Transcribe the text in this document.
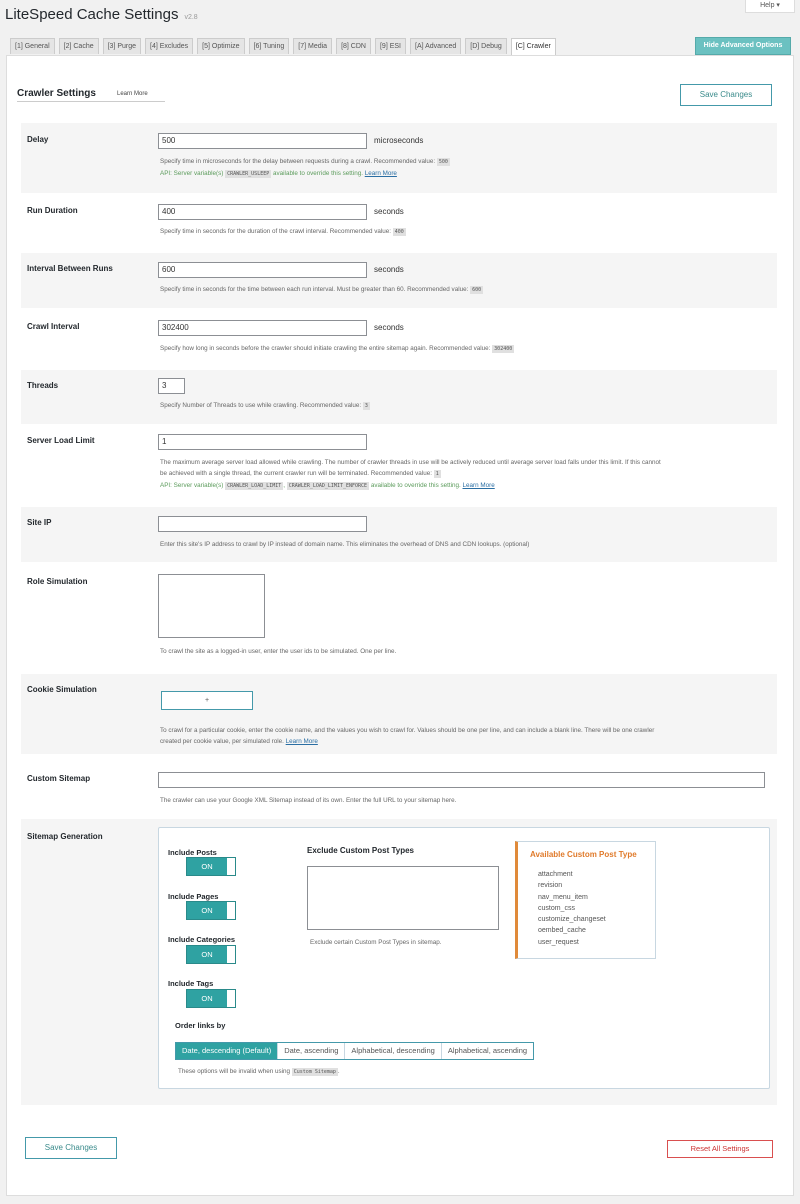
LiteSpeed Cache Settings v2.8
Help ▾
[1] General	[2] Cache	[3] Purge	[4] Excludes	[5] Optimize	[6] Tuning	[7] Media	[8] CDN	[9] ESI	[A] Advanced	[D] Debug	[C] Crawler	Hide Advanced Options
Crawler Settings	Learn More	Save Changes
Delay	500	microseconds
Specify time in microseconds for the delay between requests during a crawl. Recommended value: 500
API: Server variable(s) CRAWLER_USLEEP available to override this setting. Learn More
Run Duration	400	seconds
Specify time in seconds for the duration of the crawl interval. Recommended value: 400
Interval Between Runs	600	seconds
Specify time in seconds for the time between each run interval. Must be greater than 60. Recommended value: 600
Crawl Interval	302400	seconds
Specify how long in seconds before the crawler should initiate crawling the entire sitemap again. Recommended value: 302400
Threads	3
Specify Number of Threads to use while crawling. Recommended value: 3
Server Load Limit	1
The maximum average server load allowed while crawling. The number of crawler threads in use will be actively reduced until average server load falls under this limit. If this cannot
be achieved with a single thread, the current crawler run will be terminated. Recommended value: 1
API: Server variable(s) CRAWLER_LOAD_LIMIT , CRAWLER_LOAD_LIMIT_ENFORCE available to override this setting. Learn More
Site IP
Enter this site's IP address to crawl by IP instead of domain name. This eliminates the overhead of DNS and CDN lookups. (optional)
Role Simulation
To crawl the site as a logged-in user, enter the user ids to be simulated. One per line.
Cookie Simulation
+
To crawl for a particular cookie, enter the cookie name, and the values you wish to crawl for. Values should be one per line, and can include a blank line. There will be one crawler
created per cookie value, per simulated role. Learn More
Custom Sitemap
The crawler can use your Google XML Sitemap instead of its own. Enter the full URL to your sitemap here.
Sitemap Generation
Include Posts
ON
Include Pages
ON
Include Categories
ON
Include Tags
ON
Exclude Custom Post Types
Exclude certain Custom Post Types in sitemap.
Available Custom Post Type
attachment
revision
nav_menu_item
custom_css
customize_changeset
oembed_cache
user_request
Order links by
Date, descending (Default)	Date, ascending	Alphabetical, descending	Alphabetical, ascending
These options will be invalid when using Custom Sitemap .
Save Changes	Reset All Settings
